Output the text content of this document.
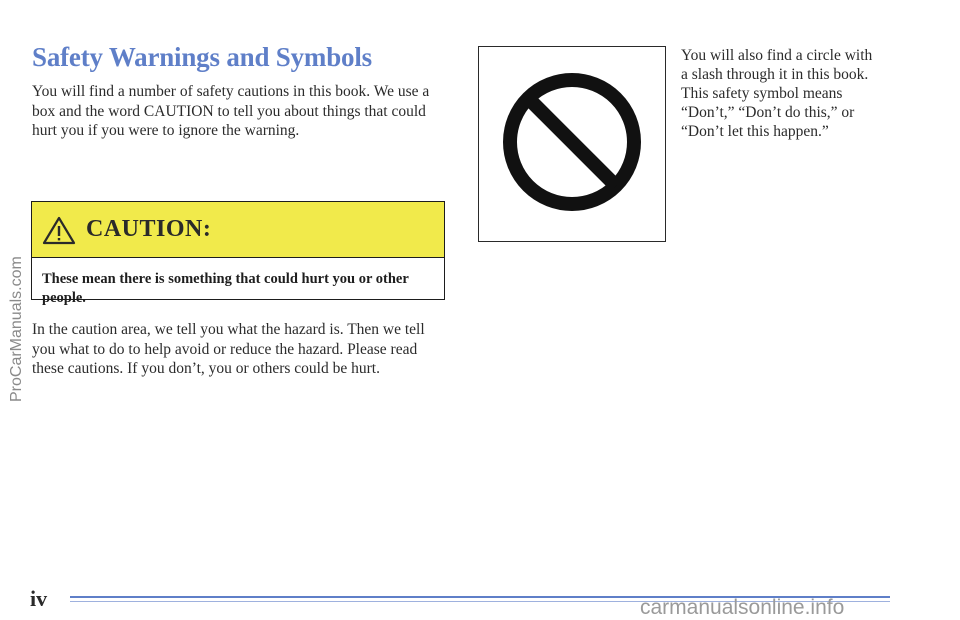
Safety Warnings and Symbols

You will find a number of safety cautions in this book. We use a box and the word CAUTION to tell you about things that could hurt you if you were to ignore the warning.

CAUTION:
These mean there is something that could hurt you or other people.

In the caution area, we tell you what the hazard is. Then we tell you what to do to help avoid or reduce the hazard. Please read these cautions. If you don’t, you or others could be hurt.

You will also find a circle with a slash through it in this book. This safety symbol means “Don’t,” “Don’t do this,” or “Don’t let this happen.”

iv
ProCarManuals.com
carmanualsonline.info
